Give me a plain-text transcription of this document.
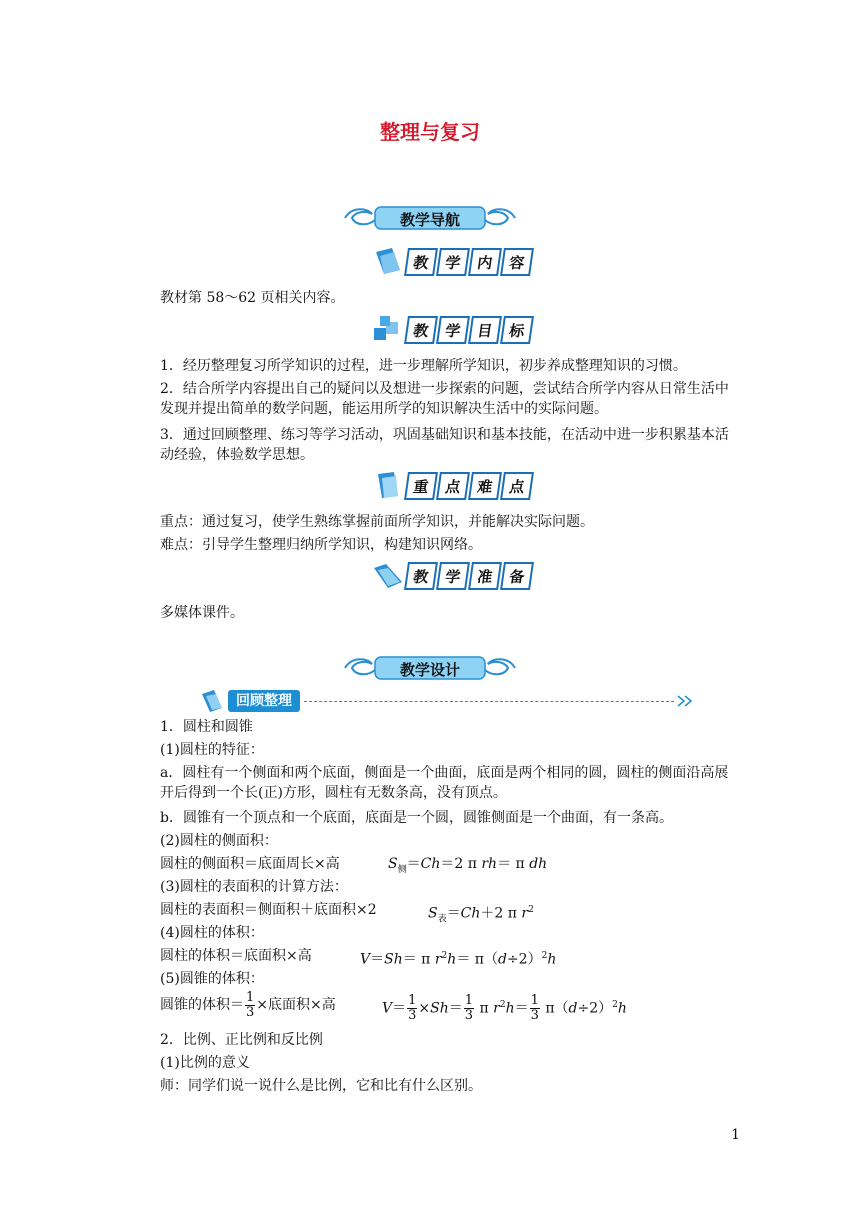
整理与复习
教学导航
教 学 内 容
教材第 58～62 页相关内容。
教 学 目 标
1．经历整理复习所学知识的过程，进一步理解所学知识，初步养成整理知识的习惯。
2．结合所学内容提出自己的疑问以及想进一步探索的问题，尝试结合所学内容从日常生活中发现并提出简单的数学问题，能运用所学的知识解决生活中的实际问题。
3．通过回顾整理、练习等学习活动，巩固基础知识和基本技能，在活动中进一步积累基本活动经验，体验数学思想。
重 点 难 点
重点：通过复习，使学生熟练掌握前面所学知识，并能解决实际问题。
难点：引导学生整理归纳所学知识，构建知识网络。
教 学 准 备
多媒体课件。
教学设计
回顾整理
1．圆柱和圆锥
(1)圆柱的特征：
a．圆柱有一个侧面和两个底面，侧面是一个曲面，底面是两个相同的圆，圆柱的侧面沿高展开后得到一个长(正)方形，圆柱有无数条高，没有顶点。
b．圆锥有一个顶点和一个底面，底面是一个圆，圆锥侧面是一个曲面，有一条高。
(2)圆柱的侧面积：
圆柱的侧面积＝底面周长×高	$S_侧=Ch=2$ π rh＝ π dh
(3)圆柱的表面积的计算方法：
圆柱的表面积＝侧面积＋底面积×2	$S_表=Ch+2$ π $r^2$
(4)圆柱的体积：
圆柱的体积＝底面积×高	V＝Sh＝ π $r^2h= \pi(d\div 2)^2h$
(5)圆锥的体积：
圆锥的体积＝ $\frac{1}{3}$ ×底面积×高	$V= \frac{1}{3} \times Sh= \frac{1}{3}$ π $r^2h= \frac{1}{3} \pi(d\div 2)^2h$
2．比例、正比例和反比例
(1)比例的意义
师：同学们说一说什么是比例，它和比有什么区别。
1
